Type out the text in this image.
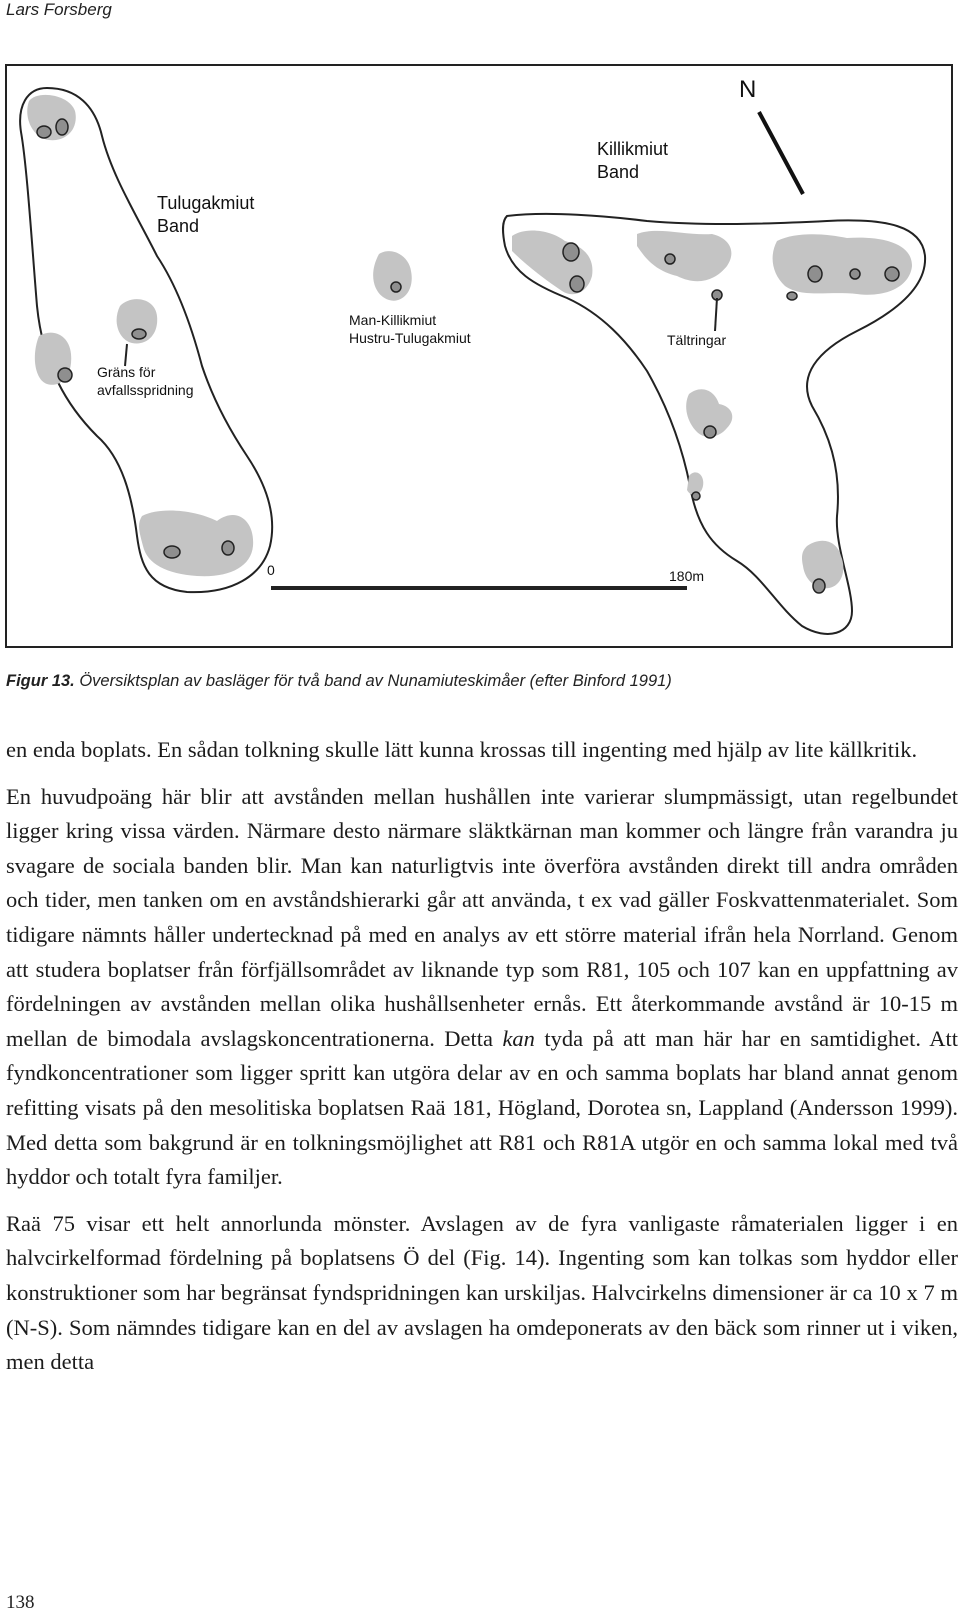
Lars Forsberg
N
Tulugakmiut
Band
Killikmiut
Band
Man-Killikmiut
Hustru-Tulugakmiut
Gräns för
avfallsspridning
Tältringar
0	180m
Figur 13. Översiktsplan av basläger för två band av Nunamiuteskimåer (efter Binford 1991)

en enda boplats. En sådan tolkning skulle lätt kunna krossas till ingenting med hjälp av lite källkritik.

En huvudpoäng här blir att avstånden mellan hushållen inte varierar slumpmässigt, utan regelbundet ligger kring vissa värden. Närmare desto närmare släktkärnan man kommer och längre från varandra ju svagare de sociala banden blir. Man kan naturligtvis inte överföra avstånden direkt till andra områden och tider, men tanken om en avståndshierarki går att använda, t ex vad gäller Foskvattenmaterialet. Som tidigare nämnts håller undertecknad på med en analys av ett större material ifrån hela Norrland. Genom att studera boplatser från förfjällsområdet av liknande typ som R81, 105 och 107 kan en uppfattning av fördelningen av avstånden mellan olika hushållsenheter ernås. Ett återkommande avstånd är 10-15 m mellan de bimodala avslagskoncentrationerna. Detta kan tyda på att man här har en samtidighet. Att fyndkoncentrationer som ligger spritt kan utgöra delar av en och samma boplats har bland annat genom refitting visats på den mesolitiska boplatsen Raä 181, Högland, Dorotea sn, Lappland (Andersson 1999). Med detta som bakgrund är en tolkningsmöjlighet att R81 och R81A utgör en och samma lokal med två hyddor och totalt fyra familjer.

Raä 75 visar ett helt annorlunda mönster. Avslagen av de fyra vanligaste råmaterialen ligger i en halvcirkelformad fördelning på boplatsens Ö del (Fig. 14). Ingenting som kan tolkas som hyddor eller konstruktioner som har begränsat fyndspridningen kan urskiljas. Halvcirkelns dimensioner är ca 10 x 7 m (N-S). Som nämndes tidigare kan en del av avslagen ha omdeponerats av den bäck som rinner ut i viken, men detta

138
